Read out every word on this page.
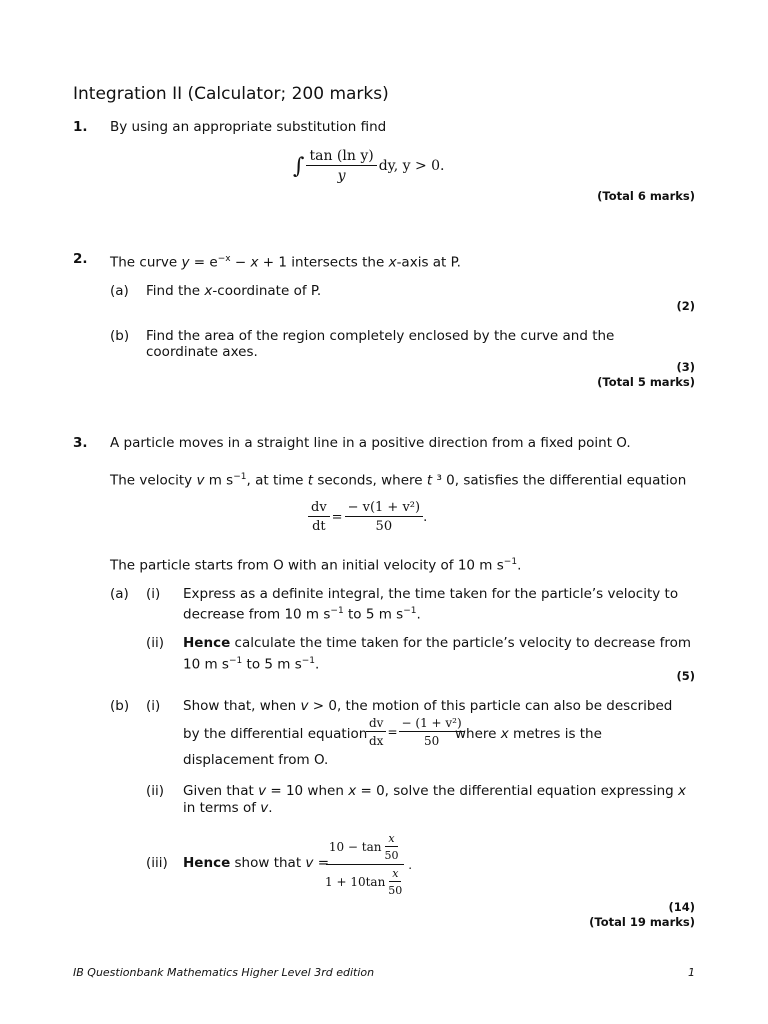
Integration II (Calculator; 200 marks)
1. By using an appropriate substitution find
∫ $\frac{\text{tan (ln y)}}{y}$ dy, y > 0.
(Total 6 marks)
2. The curve $y = e^{-x} - x + 1$ intersects the x-axis at P.
(a) Find the x-coordinate of P.
(2)
(b) Find the area of the region completely enclosed by the curve and the
coordinate axes.
(3)
(Total 5 marks)
3. A particle moves in a straight line in a positive direction from a fixed point O.
The velocity v m $s^{-1}$, at time t seconds, where t ³ 0, satisfies the differential equation
$\frac{dv}{dt} = \frac{\text{− v(1 + v²)}}{50}$ .
The particle starts from O with an initial velocity of 10 m $s^{-1}$.
(a) (i) Express as a definite integral, the time taken for the particle’s velocity to
decrease from 10 m $s^{-1}$ to 5 m $s^{-1}$.
(ii) Hence calculate the time taken for the particle’s velocity to decrease from
10 m $s^{-1}$ to 5 m $s^{-1}$.
(5)
(b) (i) Show that, when v > 0, the motion of this particle can also be described
by the differential equation
$\frac{dv}{dx} = \frac{\text{− (1 + v²)}}{50}$
where x metres is the
displacement from O.
(ii) Given that v = 10 when x = 0, solve the differential equation expressing x
in terms of v.
(iii) Hence show that v =
$\frac{10 - \tan \frac{x}{50}}{1 + 10\tan \frac{x}{50}}$ .
(14)
(Total 19 marks)
IB Questionbank Mathematics Higher Level 3rd edition	1
